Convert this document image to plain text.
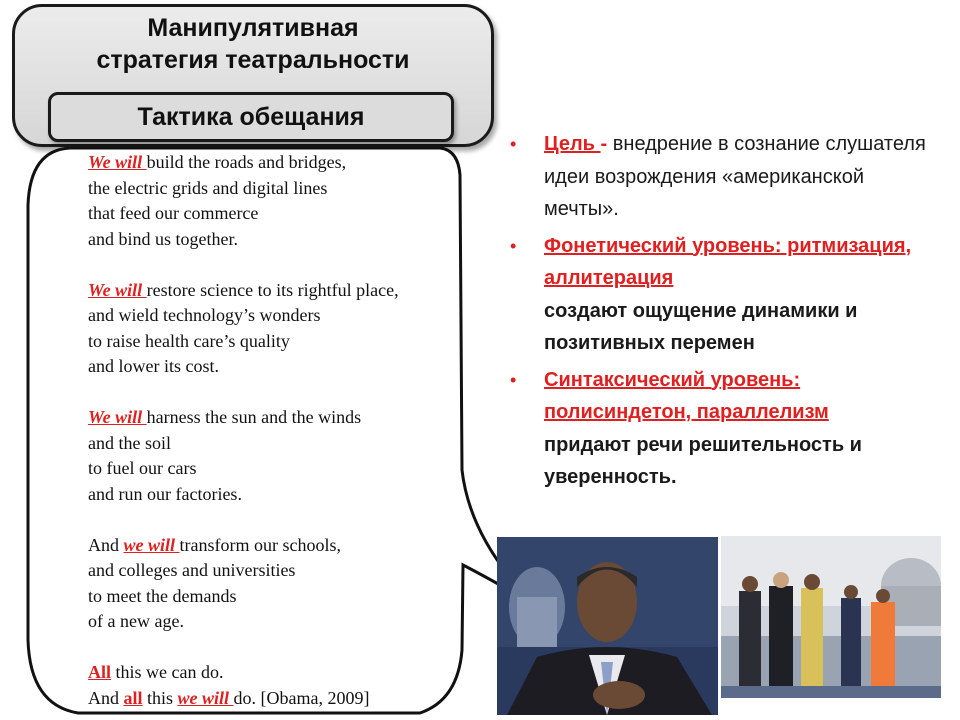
Манипулятивная
стратегия театральности
Тактика обещания
We will build the roads and bridges,
the electric grids and digital lines
that feed our commerce
and bind us together.
We will restore science to its rightful place,
and wield technology’s wonders
to raise health care’s quality
and lower its cost.
We will harness the sun and the winds
and the soil
to fuel our cars
and run our factories.
And we will transform our schools,
and colleges and universities
to meet the demands
of a new age.
All this we can do.
And all this we will do. [Obama, 2009]
• Цель - внедрение в сознание слушателя идеи возрождения «американской мечты».
• Фонетический уровень: ритмизация, аллитерация
создают ощущение динамики и позитивных перемен
• Синтаксический уровень: полисиндетон, параллелизм
придают речи решительность и уверенность.
